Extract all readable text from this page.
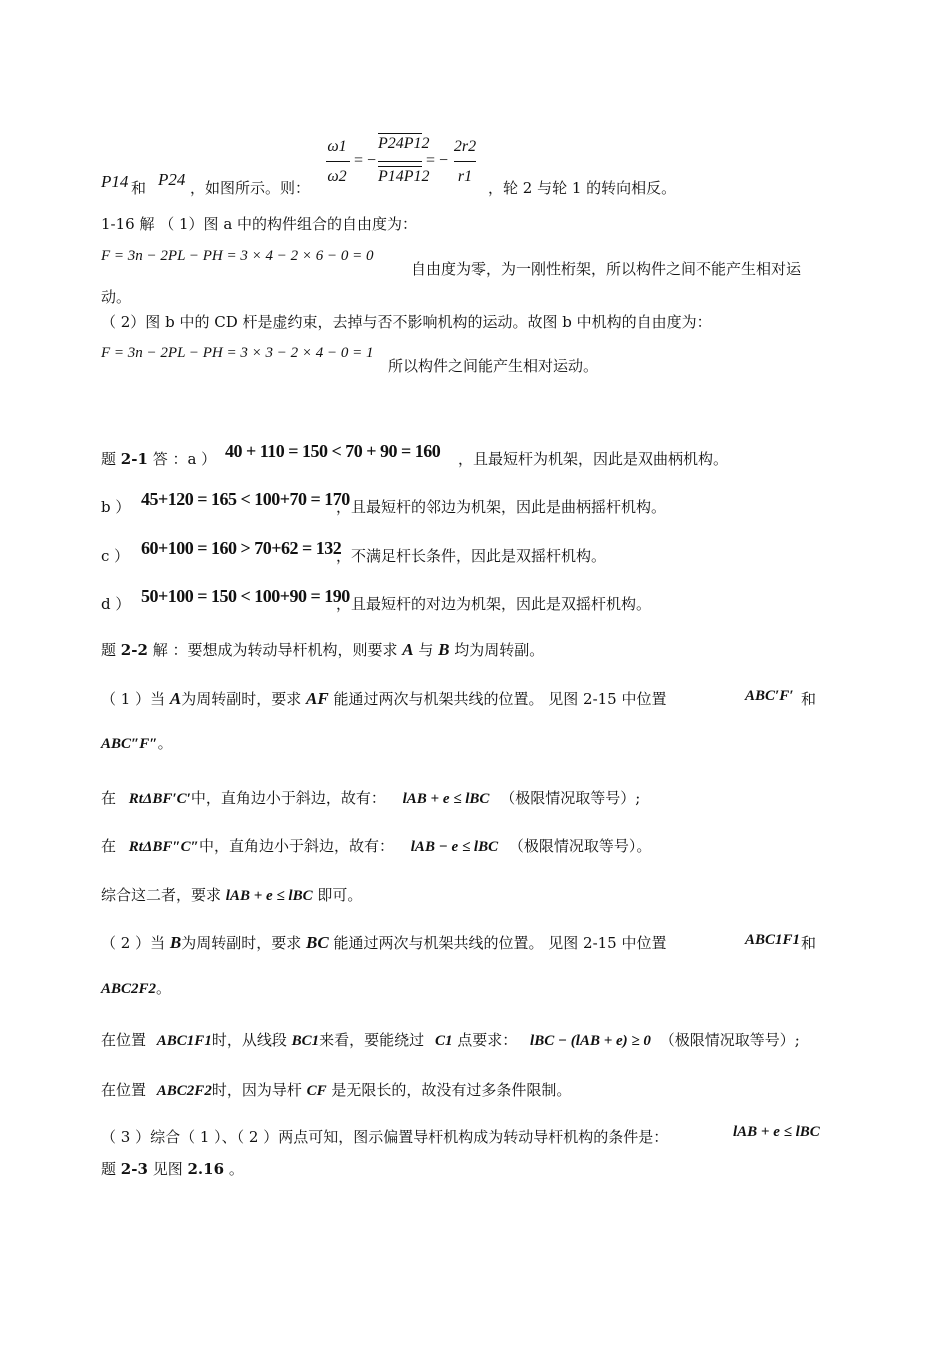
P14 和 P24 ，如图所示。则：
ω1
ω2
= −
P24P12
P14P12
= −
2r2
r1
，轮 2 与轮 1 的转向相反。
1-16 解 （ 1）图 a 中的构件组合的自由度为：
F = 3n − 2PL − PH = 3 × 4 − 2 × 6 − 0 = 0
自由度为零，为一刚性桁架，所以构件之间不能产生相对运
动。
（ 2）图 b 中的 CD 杆是虚约束，去掉与否不影响机构的运动。故图 b 中机构的自由度为：
F = 3n − 2PL − PH = 3 × 3 − 2 × 4 − 0 = 1
所以构件之间能产生相对运动。
题 2-1 答 ：a ） 40 + 110 = 150 < 70 + 90 = 160 ，且最短杆为机架，因此是双曲柄机构。
b ） 45+120 = 165 < 100+70 = 170
，且最短杆的邻边为机架，因此是曲柄摇杆机构。
c ） 60+100 = 160 > 70+62 = 132
，不满足杆长条件，因此是双摇杆机构。
d ） 50+100 = 150 < 100+90 = 190
，且最短杆的对边为机架，因此是双摇杆机构。
题 2-2 解 ：要想成为转动导杆机构，则要求 A 与 B 均为周转副。
（ 1 ）当 A为周转副时，要求 AF 能通过两次与机架共线的位置。 见图 2-15 中位置	ABC′F′ 和
ABC″F″。
在 RtΔBF′C′中，直角边小于斜边，故有： lAB + e ≤ lBC （极限情况取等号）;
在 RtΔBF″C″中，直角边小于斜边，故有： lAB − e ≤ lBC （极限情况取等号）。
综合这二者，要求 lAB + e ≤ lBC 即可。
（ 2 ）当 B为周转副时，要求 BC 能通过两次与机架共线的位置。 见图 2-15 中位置	ABC1F1 和
ABC2F2。
在位置 ABC1F1时，从线段 BC1来看，要能绕过 C1 点要求： lBC − (lAB + e) ≥ 0 （极限情况取等号）;
在位置 ABC2F2时，因为导杆 CF 是无限长的，故没有过多条件限制。
（ 3 ）综合（ 1 ）、（ 2 ）两点可知，图示偏置导杆机构成为转动导杆机构的条件是：	lAB + e ≤ lBC
题 2-3 见图 2.16 。
